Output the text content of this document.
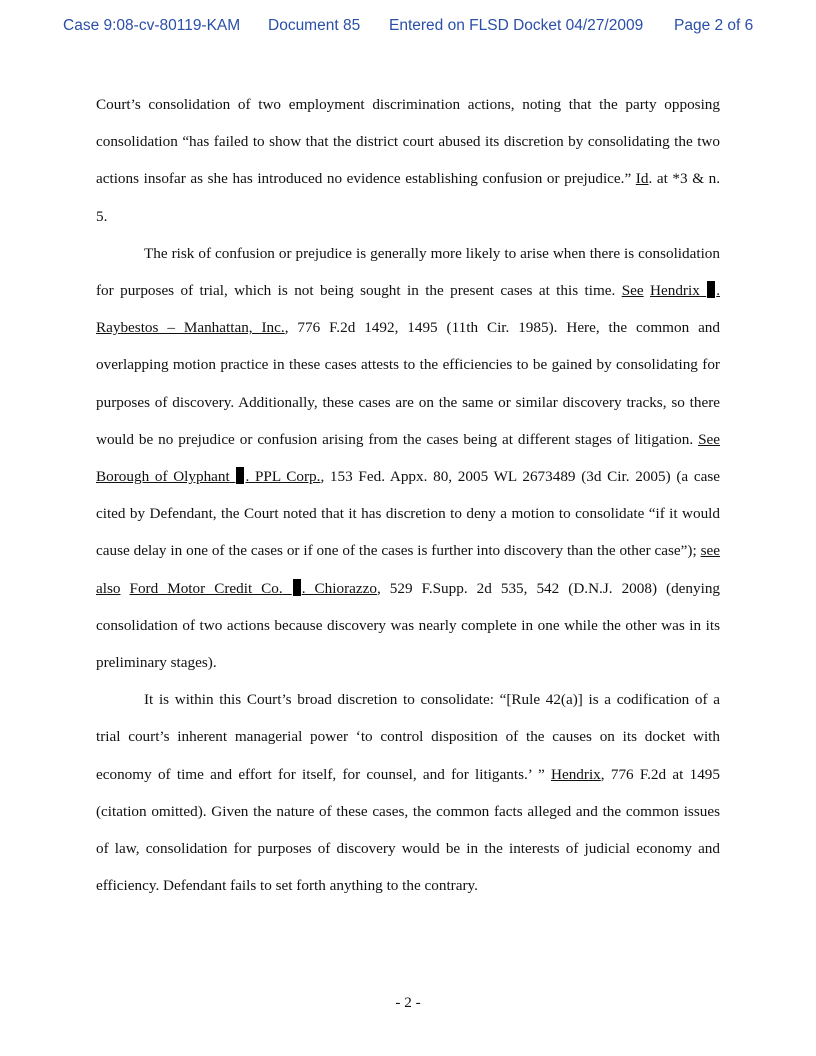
Case 9:08-cv-80119-KAM Document 85 Entered on FLSD Docket 04/27/2009 Page 2 of 6

Court’s consolidation of two employment discrimination actions, noting that the party opposing consolidation “has failed to show that the district court abused its discretion by consolidating the two actions insofar as she has introduced no evidence establishing confusion or prejudice.” Id. at *3 & n. 5.

The risk of confusion or prejudice is generally more likely to arise when there is consolidation for purposes of trial, which is not being sought in the present cases at this time. See Hendrix . Raybestos – Manhattan, Inc., 776 F.2d 1492, 1495 (11th Cir. 1985). Here, the common and overlapping motion practice in these cases attests to the efficiencies to be gained by consolidating for purposes of discovery. Additionally, these cases are on the same or similar discovery tracks, so there would be no prejudice or confusion arising from the cases being at different stages of litigation. See Borough of Olyphant . PPL Corp., 153 Fed. Appx. 80, 2005 WL 2673489 (3d Cir. 2005) (a case cited by Defendant, the Court noted that it has discretion to deny a motion to consolidate “if it would cause delay in one of the cases or if one of the cases is further into discovery than the other case”); see also Ford Motor Credit Co. . Chiorazzo, 529 F.Supp. 2d 535, 542 (D.N.J. 2008) (denying consolidation of two actions because discovery was nearly complete in one while the other was in its preliminary stages).

It is within this Court’s broad discretion to consolidate: “[Rule 42(a)] is a codification of a trial court’s inherent managerial power ‘to control disposition of the causes on its docket with economy of time and effort for itself, for counsel, and for litigants.’ ” Hendrix, 776 F.2d at 1495 (citation omitted). Given the nature of these cases, the common facts alleged and the common issues of law, consolidation for purposes of discovery would be in the interests of judicial economy and efficiency. Defendant fails to set forth anything to the contrary.

- 2 -
